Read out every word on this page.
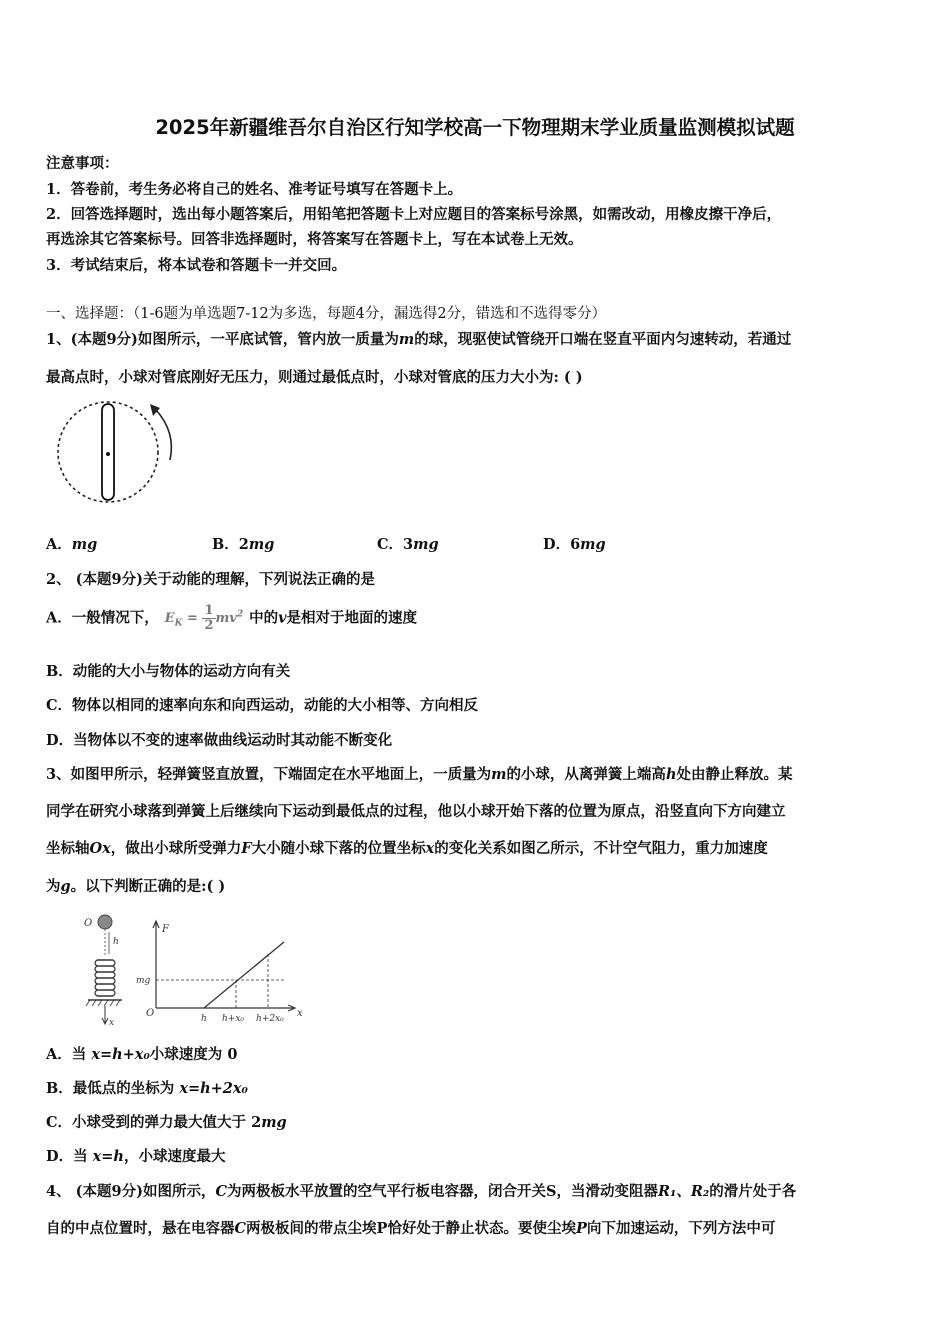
2025年新疆维吾尔自治区行知学校高一下物理期末学业质量监测模拟试题
注意事项：
1．答卷前，考生务必将自己的姓名、准考证号填写在答题卡上。
2．回答选择题时，选出每小题答案后，用铅笔把答题卡上对应题目的答案标号涂黑，如需改动，用橡皮擦干净后，
再选涂其它答案标号。回答非选择题时，将答案写在答题卡上，写在本试卷上无效。
3．考试结束后，将本试卷和答题卡一并交回。
一、选择题：（1-6题为单选题7-12为多选，每题4分，漏选得2分，错选和不选得零分）
1、(本题9分)如图所示，一平底试管，管内放一质量为m的球，现驱使试管绕开口端在竖直平面内匀速转动，若通过
最高点时，小球对管底刚好无压力，则通过最低点时，小球对管底的压力大小为: ( )
A．mg	B．2mg	C．3mg	D．6mg
2、 (本题9分)关于动能的理解，下列说法正确的是
A．一般情况下， $E_K = \frac{1}{2} mv^2$ 中的v是相对于地面的速度
B．动能的大小与物体的运动方向有关
C．物体以相同的速率向东和向西运动，动能的大小相等、方向相反
D．当物体以不变的速率做曲线运动时其动能不断变化
3、如图甲所示，轻弹簧竖直放置，下端固定在水平地面上，一质量为m的小球，从离弹簧上端高h处由静止释放。某
同学在研究小球落到弹簧上后继续向下运动到最低点的过程，他以小球开始下落的位置为原点，沿竖直向下方向建立
坐标轴Ox，做出小球所受弹力F大小随小球下落的位置坐标x的变化关系如图乙所示，不计空气阻力，重力加速度
为g。以下判断正确的是:( )
O
h
x
F
mg
O	h h+x₀ h+2x₀ x
A．当 x=h+x₀小球速度为 0
B．最低点的坐标为 x=h+2x₀
C．小球受到的弹力最大值大于 2mg
D．当 x=h，小球速度最大
4、 (本题9分)如图所示，C为两极板水平放置的空气平行板电容器，闭合开关S，当滑动变阻器R₁、R₂的滑片处于各
自的中点位置时，悬在电容器C两极板间的带点尘埃P恰好处于静止状态。要使尘埃P向下加速运动，下列方法中可
